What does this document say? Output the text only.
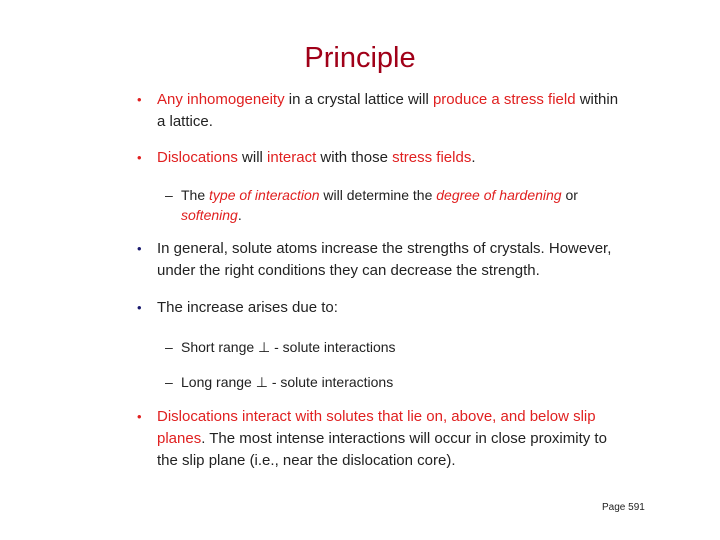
Principle
• Any inhomogeneity in a crystal lattice will produce a stress field within a lattice.
• Dislocations will interact with those stress fields.
– The type of interaction will determine the degree of hardening or softening.
• In general, solute atoms increase the strengths of crystals. However, under the right conditions they can decrease the strength.
• The increase arises due to:
– Short range ⊥ - solute interactions
– Long range ⊥ - solute interactions
• Dislocations interact with solutes that lie on, above, and below slip planes. The most intense interactions will occur in close proximity to the slip plane (i.e., near the dislocation core).
Page 591
